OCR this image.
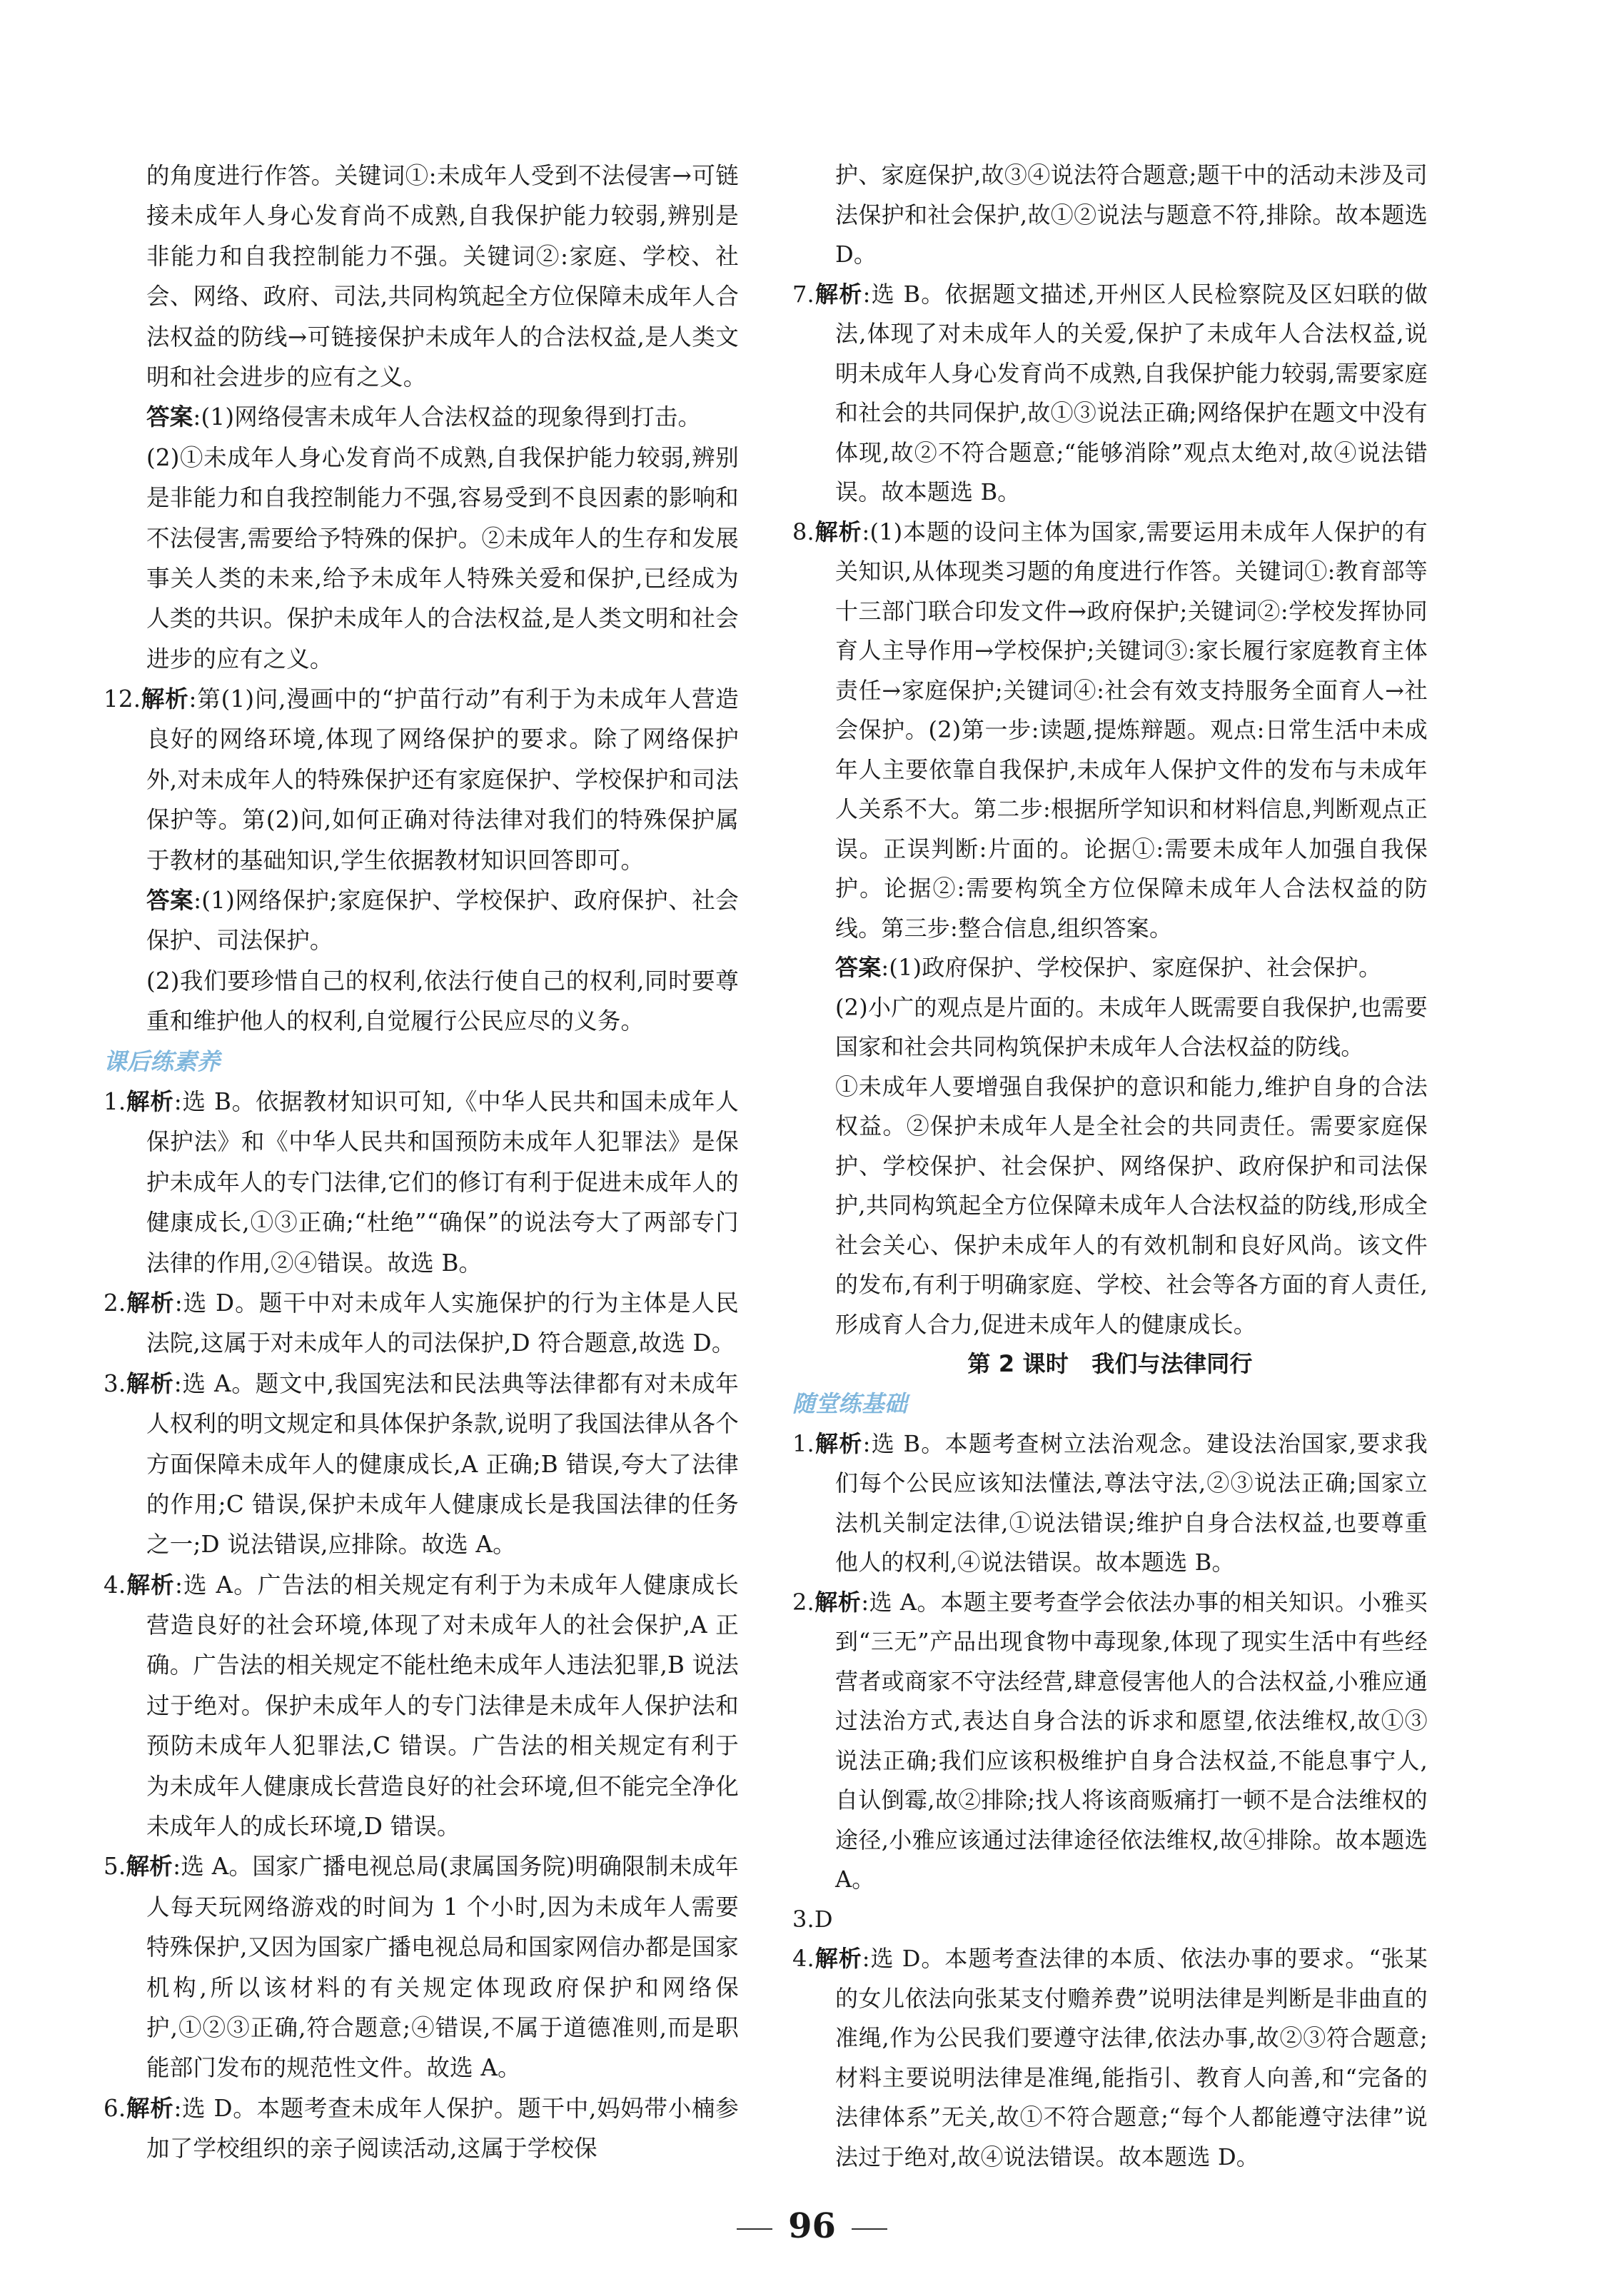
的角度进行作答。关键词①:未成年人受到不法侵害→可链接未成年人身心发育尚不成熟,自我保护能力较弱,辨别是非能力和自我控制能力不强。关键词②:家庭、学校、社会、网络、政府、司法,共同构筑起全方位保障未成年人合法权益的防线→可链接保护未成年人的合法权益,是人类文明和社会进步的应有之义。

答案:(1)网络侵害未成年人合法权益的现象得到打击。

(2)①未成年人身心发育尚不成熟,自我保护能力较弱,辨别是非能力和自我控制能力不强,容易受到不良因素的影响和不法侵害,需要给予特殊的保护。②未成年人的生存和发展事关人类的未来,给予未成年人特殊关爱和保护,已经成为人类的共识。保护未成年人的合法权益,是人类文明和社会进步的应有之义。

12.解析:第(1)问,漫画中的“护苗行动”有利于为未成年人营造良好的网络环境,体现了网络保护的要求。除了网络保护外,对未成年人的特殊保护还有家庭保护、学校保护和司法保护等。第(2)问,如何正确对待法律对我们的特殊保护属于教材的基础知识,学生依据教材知识回答即可。

答案:(1)网络保护;家庭保护、学校保护、政府保护、社会保护、司法保护。

(2)我们要珍惜自己的权利,依法行使自己的权利,同时要尊重和维护他人的权利,自觉履行公民应尽的义务。

课后练素养

1.解析:选 B。依据教材知识可知,《中华人民共和国未成年人保护法》和《中华人民共和国预防未成年人犯罪法》是保护未成年人的专门法律,它们的修订有利于促进未成年人的健康成长,①③正确;“杜绝”“确保”的说法夸大了两部专门法律的作用,②④错误。故选 B。

2.解析:选 D。题干中对未成年人实施保护的行为主体是人民法院,这属于对未成年人的司法保护,D 符合题意,故选 D。

3.解析:选 A。题文中,我国宪法和民法典等法律都有对未成年人权利的明文规定和具体保护条款,说明了我国法律从各个方面保障未成年人的健康成长,A 正确;B 错误,夸大了法律的作用;C 错误,保护未成年人健康成长是我国法律的任务之一;D 说法错误,应排除。故选 A。

4.解析:选 A。广告法的相关规定有利于为未成年人健康成长营造良好的社会环境,体现了对未成年人的社会保护,A 正确。广告法的相关规定不能杜绝未成年人违法犯罪,B 说法过于绝对。保护未成年人的专门法律是未成年人保护法和预防未成年人犯罪法,C 错误。广告法的相关规定有利于为未成年人健康成长营造良好的社会环境,但不能完全净化未成年人的成长环境,D 错误。

5.解析:选 A。国家广播电视总局(隶属国务院)明确限制未成年人每天玩网络游戏的时间为 1 个小时,因为未成年人需要特殊保护,又因为国家广播电视总局和国家网信办都是国家机构,所以该材料的有关规定体现政府保护和网络保护,①②③正确,符合题意;④错误,不属于道德准则,而是职能部门发布的规范性文件。故选 A。

6.解析:选 D。本题考查未成年人保护。题干中,妈妈带小楠参加了学校组织的亲子阅读活动,这属于学校保

护、家庭保护,故③④说法符合题意;题干中的活动未涉及司法保护和社会保护,故①②说法与题意不符,排除。故本题选 D。

7.解析:选 B。依据题文描述,开州区人民检察院及区妇联的做法,体现了对未成年人的关爱,保护了未成年人合法权益,说明未成年人身心发育尚不成熟,自我保护能力较弱,需要家庭和社会的共同保护,故①③说法正确;网络保护在题文中没有体现,故②不符合题意;“能够消除”观点太绝对,故④说法错误。故本题选 B。

8.解析:(1)本题的设问主体为国家,需要运用未成年人保护的有关知识,从体现类习题的角度进行作答。关键词①:教育部等十三部门联合印发文件→政府保护;关键词②:学校发挥协同育人主导作用→学校保护;关键词③:家长履行家庭教育主体责任→家庭保护;关键词④:社会有效支持服务全面育人→社会保护。(2)第一步:读题,提炼辩题。观点:日常生活中未成年人主要依靠自我保护,未成年人保护文件的发布与未成年人关系不大。第二步:根据所学知识和材料信息,判断观点正误。正误判断:片面的。论据①:需要未成年人加强自我保护。论据②:需要构筑全方位保障未成年人合法权益的防线。第三步:整合信息,组织答案。

答案:(1)政府保护、学校保护、家庭保护、社会保护。

(2)小广的观点是片面的。未成年人既需要自我保护,也需要国家和社会共同构筑保护未成年人合法权益的防线。

①未成年人要增强自我保护的意识和能力,维护自身的合法权益。②保护未成年人是全社会的共同责任。需要家庭保护、学校保护、社会保护、网络保护、政府保护和司法保护,共同构筑起全方位保障未成年人合法权益的防线,形成全社会关心、保护未成年人的有效机制和良好风尚。该文件的发布,有利于明确家庭、学校、社会等各方面的育人责任,形成育人合力,促进未成年人的健康成长。

第 2 课时　我们与法律同行

随堂练基础

1.解析:选 B。本题考查树立法治观念。建设法治国家,要求我们每个公民应该知法懂法,尊法守法,②③说法正确;国家立法机关制定法律,①说法错误;维护自身合法权益,也要尊重他人的权利,④说法错误。故本题选 B。

2.解析:选 A。本题主要考查学会依法办事的相关知识。小雅买到“三无”产品出现食物中毒现象,体现了现实生活中有些经营者或商家不守法经营,肆意侵害他人的合法权益,小雅应通过法治方式,表达自身合法的诉求和愿望,依法维权,故①③说法正确;我们应该积极维护自身合法权益,不能息事宁人,自认倒霉,故②排除;找人将该商贩痛打一顿不是合法维权的途径,小雅应该通过法律途径依法维权,故④排除。故本题选 A。

3.D

4.解析:选 D。本题考查法律的本质、依法办事的要求。“张某的女儿依法向张某支付赡养费”说明法律是判断是非曲直的准绳,作为公民我们要遵守法律,依法办事,故②③符合题意;材料主要说明法律是准绳,能指引、教育人向善,和“完备的法律体系”无关,故①不符合题意;“每个人都能遵守法律”说法过于绝对,故④说法错误。故本题选 D。

96
